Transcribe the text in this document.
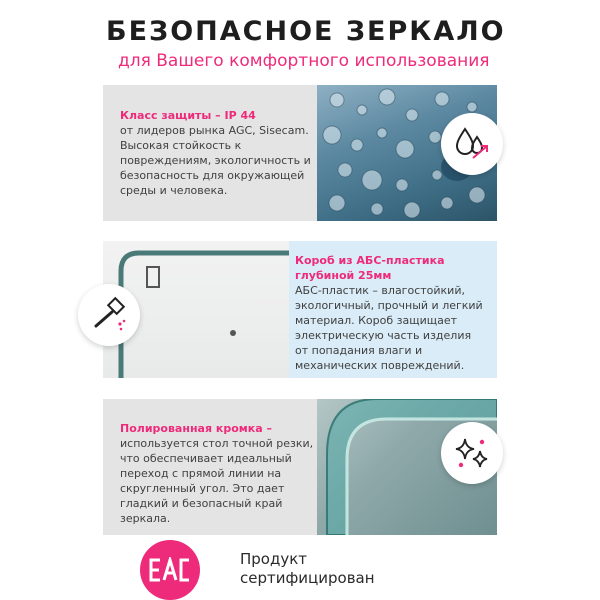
БЕЗОПАСНОЕ ЗЕРКАЛО
для Вашего комфортного использования
Класс защиты – IP 44
от лидеров рынка AGC, Sisecam. Высокая стойкость к повреждениям, экологичность и безопасность для окружающей среды и человека.
Короб из АБС-пластика глубиной 25мм
АБС-пластик – влагостойкий, экологичный, прочный и легкий материал. Короб защищает электрическую часть изделия от попадания влаги и механических повреждений.
Полированная кромка –
используется стол точной резки, что обеспечивает идеальный переход с прямой линии на скругленный угол. Это дает гладкий и безопасный край зеркала.
Продукт
сертифицирован
